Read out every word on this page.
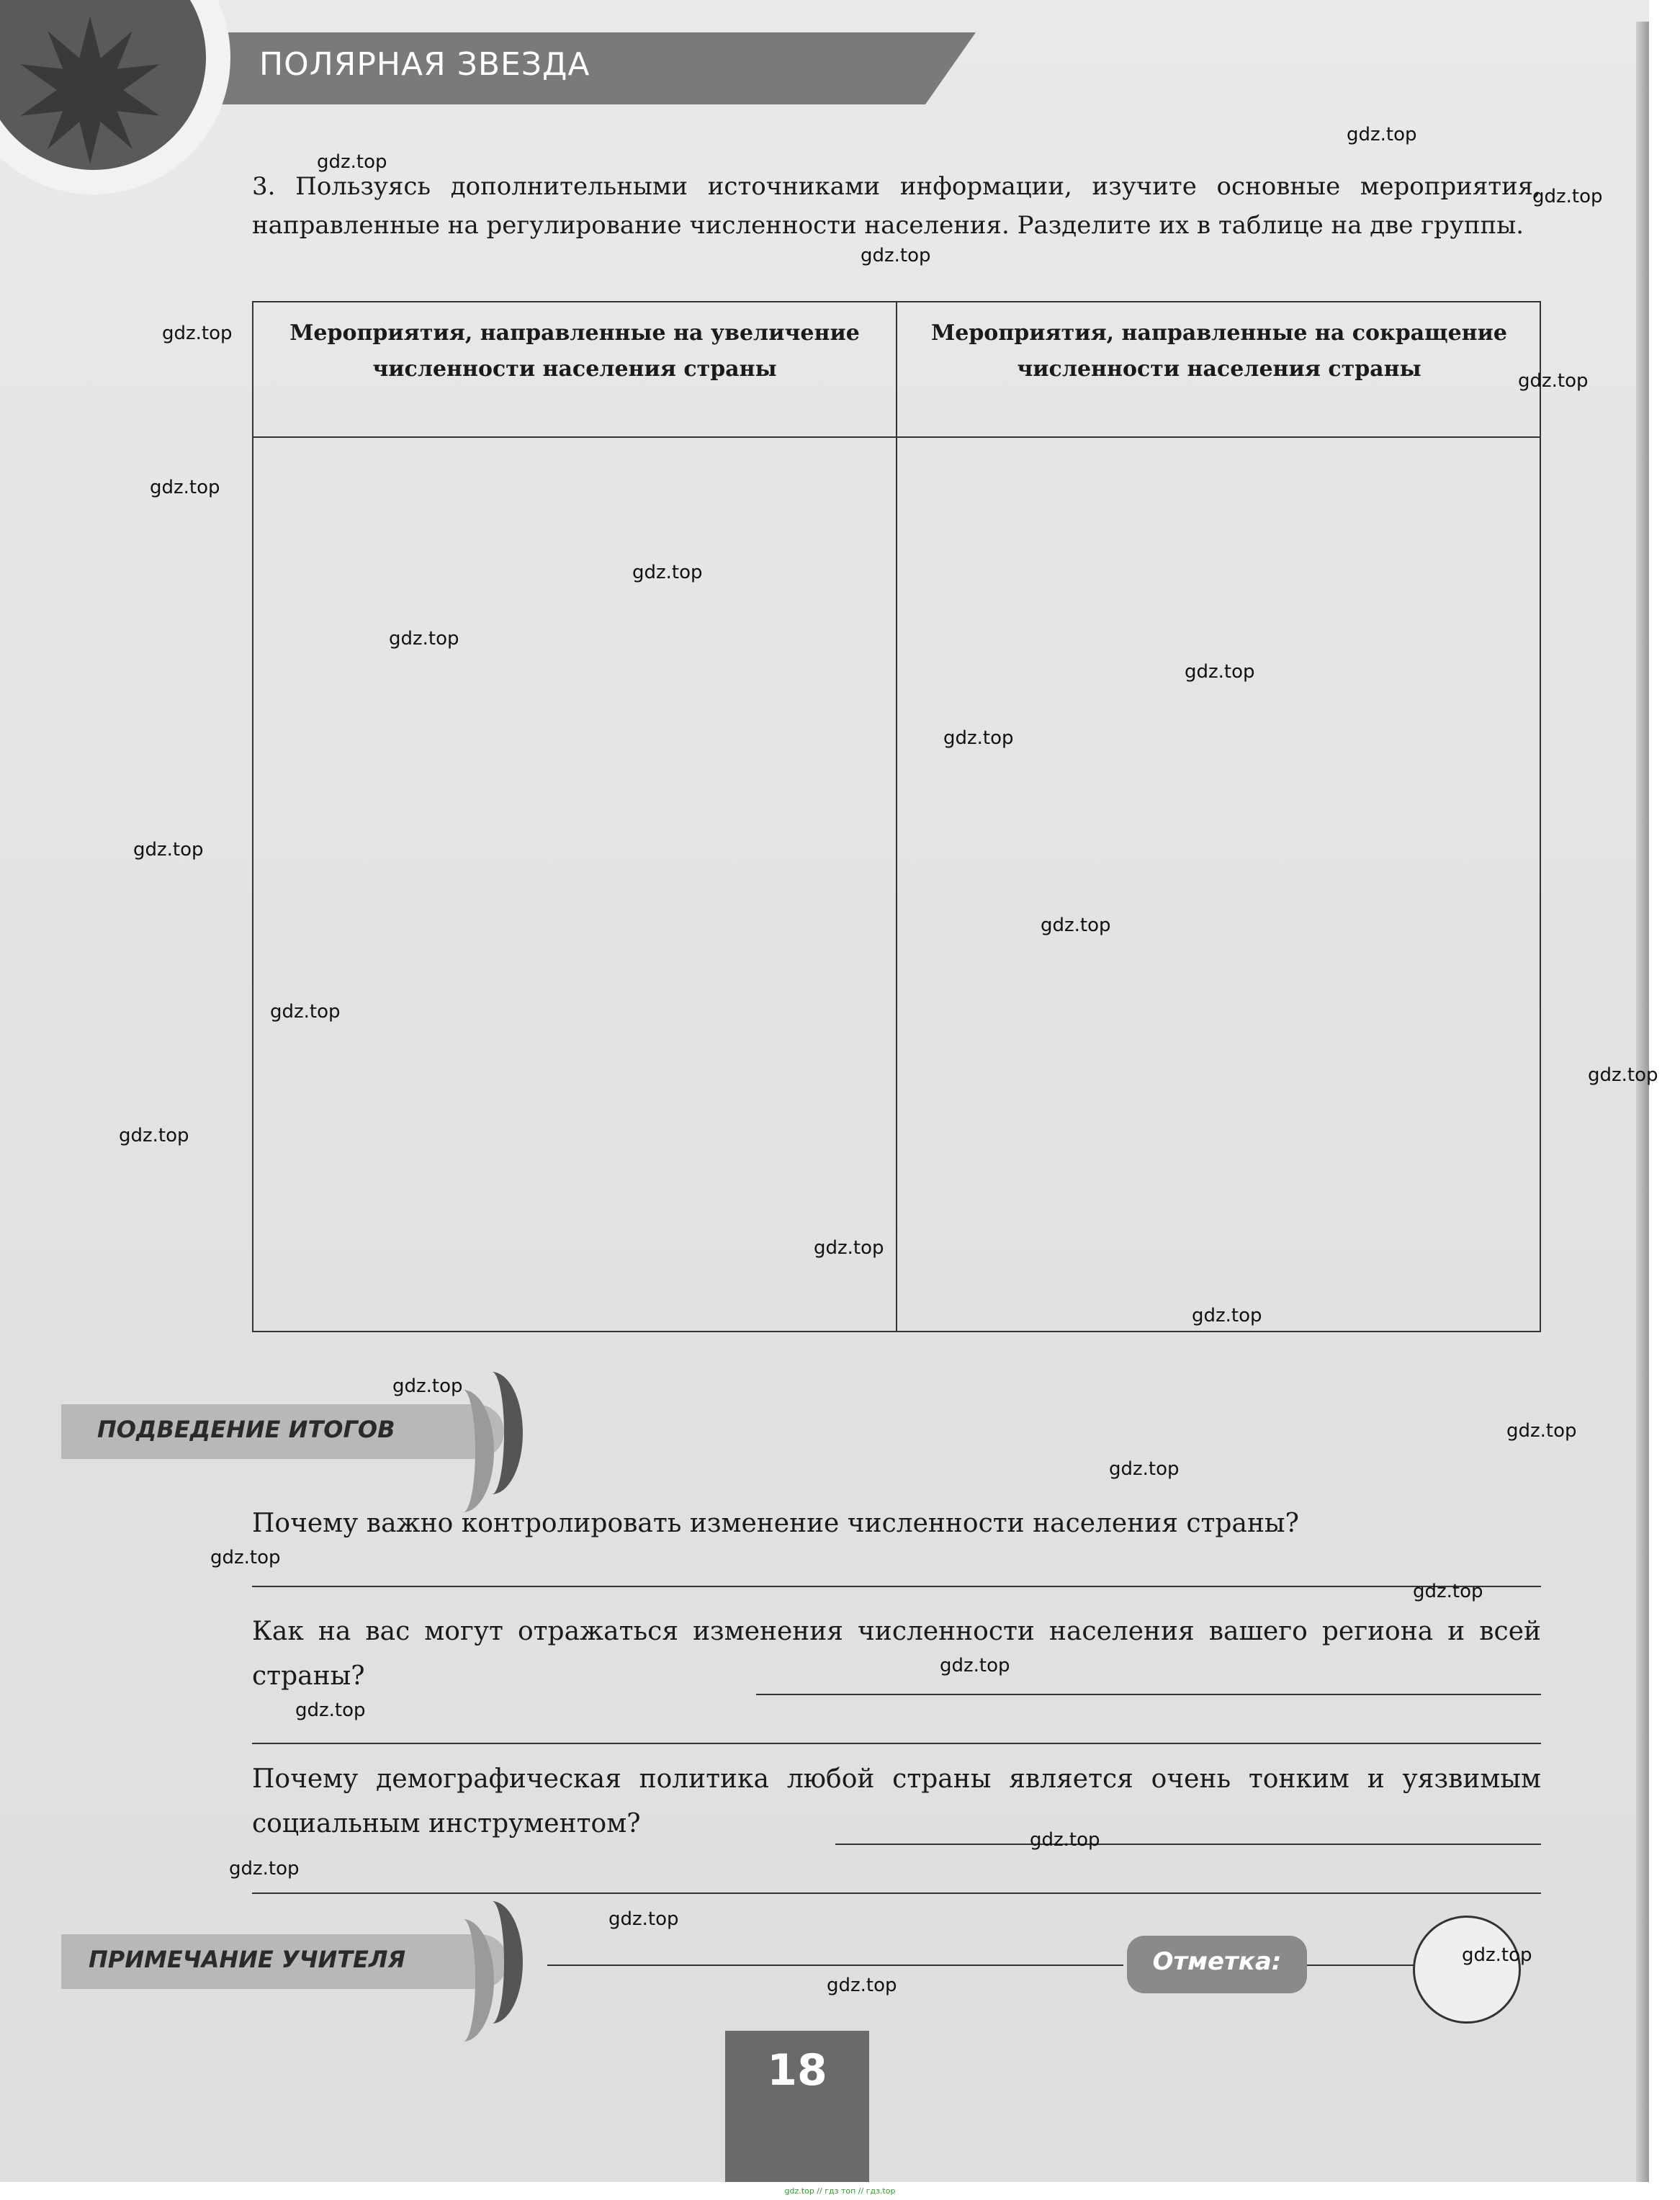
ПОЛЯРНАЯ ЗВЕЗДА
3. Пользуясь дополнительными источниками информации, изучите основные мероприятия, направленные на регулирование численности населения. Разделите их в таблице на две группы.
Мероприятия, направленные на увеличение численности населения страны
Мероприятия, направленные на сокращение численности населения страны
ПОДВЕДЕНИЕ ИТОГОВ
Почему важно контролировать изменение численности населения страны?
Как на вас могут отражаться изменения численности населения вашего региона и всей страны?
Почему демографическая политика любой страны является очень тонким и уязвимым социальным инструментом?
ПРИМЕЧАНИЕ УЧИТЕЛЯ	Отметка:
18
gdz.top
gdz.top
gdz.top
gdz.top
gdz.top
gdz.top
gdz.top
gdz.top
gdz.top
gdz.top
gdz.top
gdz.top
gdz.top
gdz.top
gdz.top
gdz.top
gdz.top
gdz.top
gdz.top
gdz.top
gdz.top
gdz.top
gdz.top
gdz.top
gdz.top
gdz.top
gdz.top
gdz.top
gdz.top
gdz.top
gdz.top // гдз топ // гдз.top
